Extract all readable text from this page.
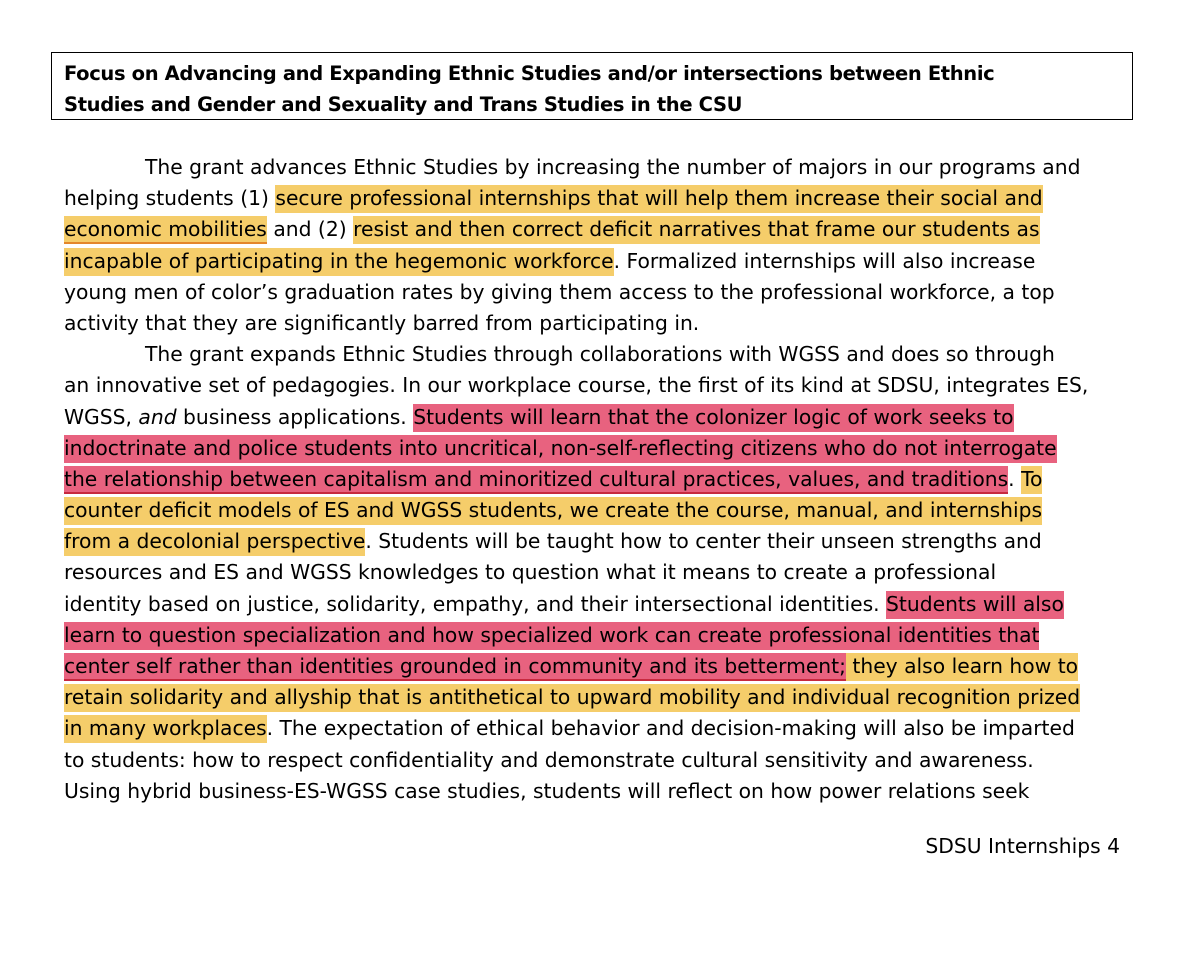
Focus on Advancing and Expanding Ethnic Studies and/or intersections between Ethnic
Studies and Gender and Sexuality and Trans Studies in the CSU

The grant advances Ethnic Studies by increasing the number of majors in our programs and
helping students (1) secure professional internships that will help them increase their social and
economic mobilities and (2) resist and then correct deficit narratives that frame our students as
incapable of participating in the hegemonic workforce. Formalized internships will also increase
young men of color’s graduation rates by giving them access to the professional workforce, a top
activity that they are significantly barred from participating in.
The grant expands Ethnic Studies through collaborations with WGSS and does so through
an innovative set of pedagogies. In our workplace course, the first of its kind at SDSU, integrates ES,
WGSS, and business applications. Students will learn that the colonizer logic of work seeks to
indoctrinate and police students into uncritical, non-self-reflecting citizens who do not interrogate
the relationship between capitalism and minoritized cultural practices, values, and traditions. To
counter deficit models of ES and WGSS students, we create the course, manual, and internships
from a decolonial perspective. Students will be taught how to center their unseen strengths and
resources and ES and WGSS knowledges to question what it means to create a professional
identity based on justice, solidarity, empathy, and their intersectional identities. Students will also
learn to question specialization and how specialized work can create professional identities that
center self rather than identities grounded in community and its betterment; they also learn how to
retain solidarity and allyship that is antithetical to upward mobility and individual recognition prized
in many workplaces. The expectation of ethical behavior and decision-making will also be imparted
to students: how to respect confidentiality and demonstrate cultural sensitivity and awareness.
Using hybrid business-ES-WGSS case studies, students will reflect on how power relations seek
SDSU Internships 4
